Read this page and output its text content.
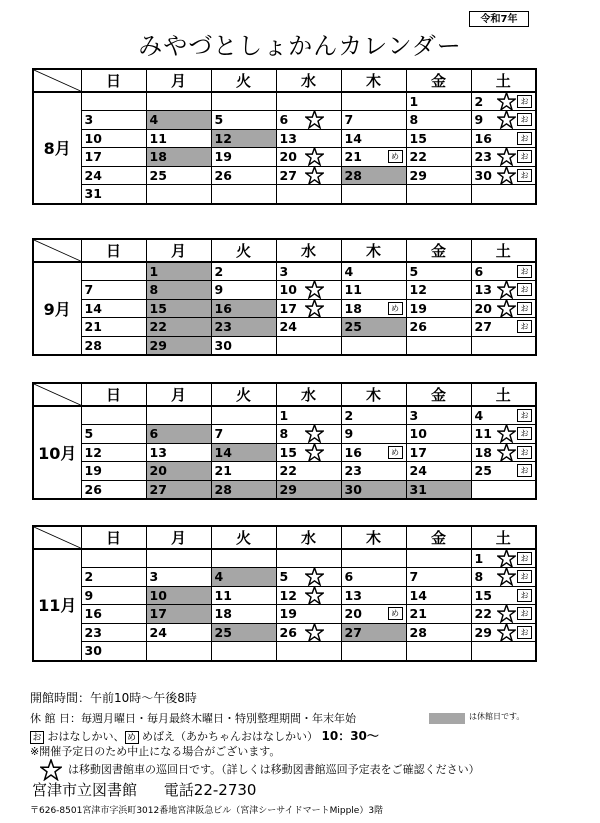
令和7年
みやづとしょかんカレンダー
	日	月	火	水	木	金	土
8月						1	2 お

	3	4	5	6	7	8	9 お

	10	11	12	13	14	15	16 お

	17	18	19	20	21 め	22	23 お

	24	25	26	27	28	29	30 お

	31						

	日	月	火	水	木	金	土
9月		1	2	3	4	5	6 お

	7	8	9	10	11	12	13 お

	14	15	16	17	18 め	19	20 お

	21	22	23	24	25	26	27 お

	28	29	30				

	日	月	火	水	木	金	土
10月				1	2	3	4 お

	5	6	7	8	9	10	11 お

	12	13	14	15	16 め	17	18 お

	19	20	21	22	23	24	25 お

	26	27	28	29	30	31	

	日	月	火	水	木	金	土
11月							1 お

	2	3	4	5	6	7	8 お

	9	10	11	12	13	14	15 お

	16	17	18	19	20 め	21	22 お

	23	24	25	26	27	28	29 お

	30						

開館時間：午前10時～午後8時
休 館 日：毎週月曜日・毎月最終木曜日・特別整理期間・年末年始	は休館日です。
お おはなしかい、 め めばえ（あかちゃんおはなしかい） 10：30～
※開催予定日のため中止になる場合がございます。
は移動図書館車の巡回日です。（詳しくは移動図書館巡回予定表をご確認ください）
宮津市立図書館 電話22-2730
〒626-8501宮津市字浜町3012番地宮津阪急ビル（宮津シーサイドマートMipple）3階
